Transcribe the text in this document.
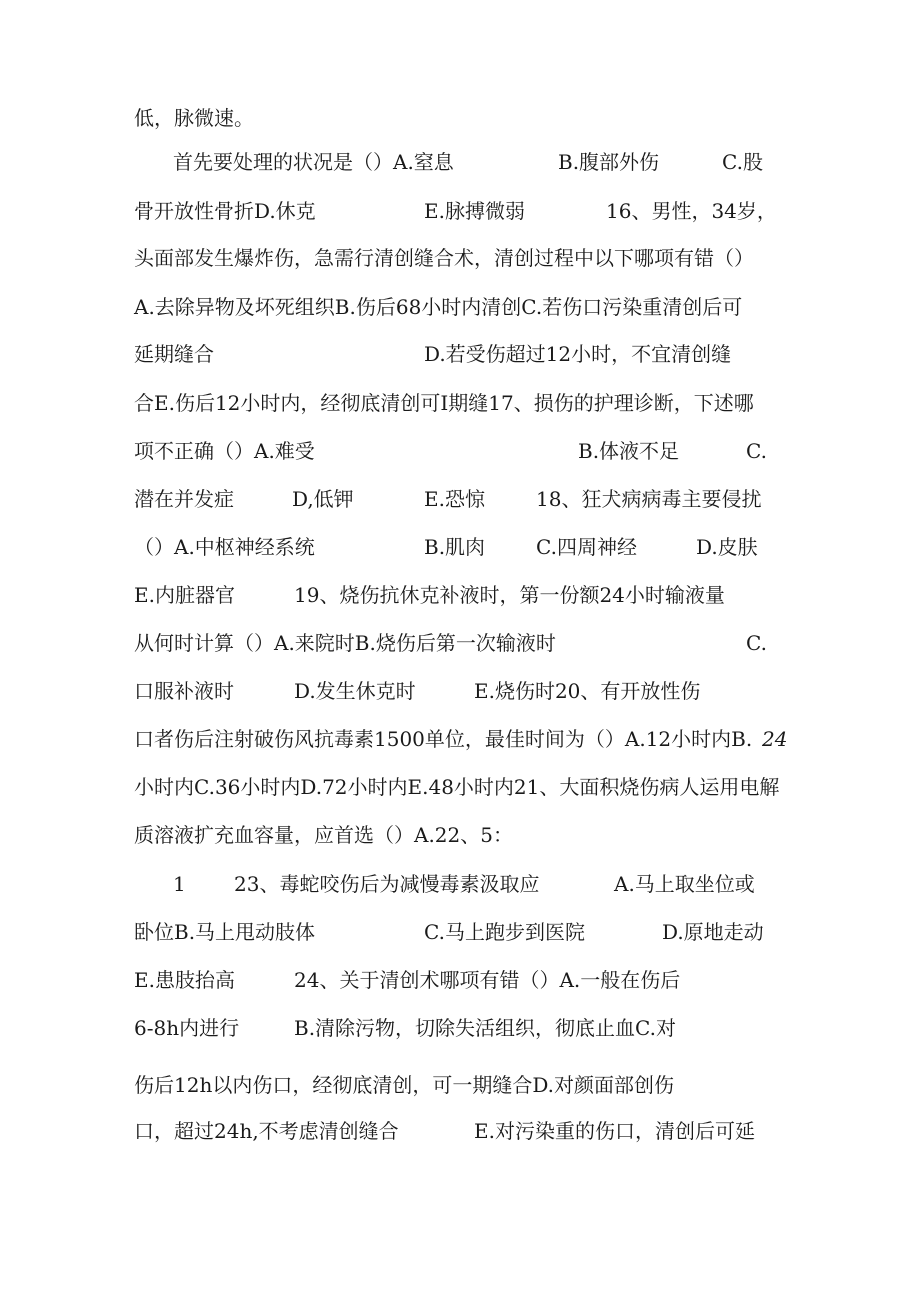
低，脉微速。
首先要处理的状况是（）A.窒息	B.腹部外伤	C.股
骨开放性骨折D.休克	E.脉搏微弱	16、男性，34岁，
头面部发生爆炸伤，急需行清创缝合术，清创过程中以下哪项有错（）
A.去除异物及坏死组织B.伤后68小时内清创C.若伤口污染重清创后可
延期缝合	D.若受伤超过12小时，不宜清创缝
合E.伤后12小时内，经彻底清创可I期缝17、损伤的护理诊断，下述哪
项不正确（）A.难受	B.体液不足	C.
潜在并发症	D,低钾	E.恐惊	18、狂犬病病毒主要侵扰
（）A.中枢神经系统	B.肌肉	C.四周神经	D.皮肤
E.内脏器官	19、烧伤抗休克补液时，第一份额24小时输液量
从何时计算（）A.来院时B.烧伤后第一次输液时	C.
口服补液时	D.发生休克时	E.烧伤时20、有开放性伤
口者伤后注射破伤风抗毒素1500单位，最佳时间为（）A.12小时内B. 24
小时内C.36小时内D.72小时内E.48小时内21、大面积烧伤病人运用电解
质溶液扩充血容量，应首选（）A.22、5：
1 23、毒蛇咬伤后为减慢毒素汲取应	A.马上取坐位或
卧位B.马上甩动肢体	C.马上跑步到医院	D.原地走动
E.患肢抬高	24、关于清创术哪项有错（）A.一般在伤后
6-8h内进行	B.清除污物，切除失活组织，彻底止血C.对
伤后12h以内伤口，经彻底清创，可一期缝合D.对颜面部创伤
口，超过24h,不考虑清创缝合	E.对污染重的伤口，清创后可延
